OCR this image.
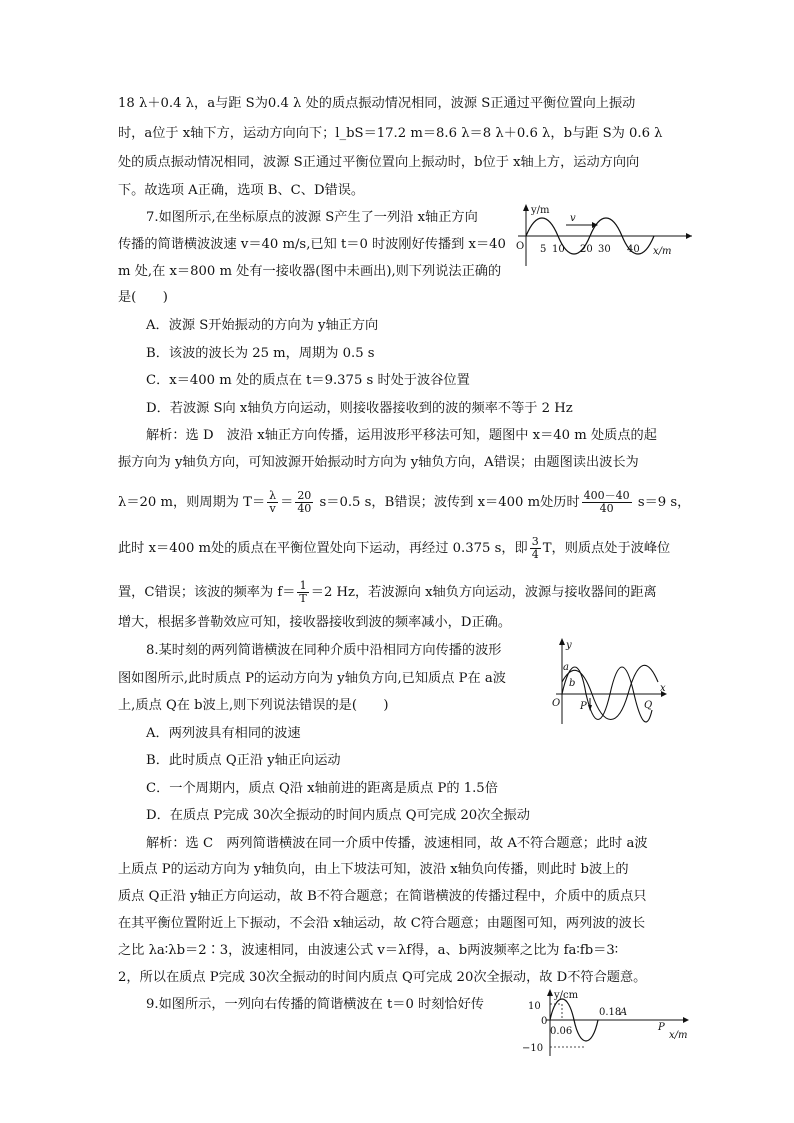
18 λ＋0.4 λ，a与距 S为0.4 λ 处的质点振动情况相同，波源 S正通过平衡位置向上振动
时，a位于 x轴下方，运动方向向下；l_bS＝17.2 m＝8.6 λ＝8 λ＋0.6 λ，b与距 S为 0.6 λ
处的质点振动情况相同，波源 S正通过平衡位置向上振动时，b位于 x轴上方，运动方向向
下。故选项 A正确，选项 B、C、D错误。
7.如图所示,在坐标原点的波源 S产生了一列沿 x轴正方向
传播的简谐横波波速 v＝40 m/s,已知 t＝0 时波刚好传播到 x＝40
m 处,在 x＝800 m 处有一接收器(图中未画出),则下列说法正确的
是(　　)
A．波源 S开始振动的方向为 y轴正方向
B．该波的波长为 25 m，周期为 0.5 s
C．x＝400 m 处的质点在 t＝9.375 s 时处于波谷位置
D．若波源 S向 x轴负方向运动，则接收器接收到的波的频率不等于 2 Hz
解析：选 D　波沿 x轴正方向传播，运用波形平移法可知，题图中 x＝40 m 处质点的起
振方向为 y轴负方向，可知波源开始振动时方向为 y轴负方向，A错误；由题图读出波长为
增大，根据多普勒效应可知，接收器接收到波的频率减小，D正确。
8.某时刻的两列简谐横波在同种介质中沿相同方向传播的波形
图如图所示,此时质点 P的运动方向为 y轴负方向,已知质点 P在 a波
上,质点 Q在 b波上,则下列说法错误的是(　　)
A．两列波具有相同的波速
B．此时质点 Q正沿 y轴正向运动
C．一个周期内，质点 Q沿 x轴前进的距离是质点 P的 1.5倍
D．在质点 P完成 30次全振动的时间内质点 Q可完成 20次全振动
解析：选 C　两列简谐横波在同一介质中传播，波速相同，故 A不符合题意；此时 a波
上质点 P的运动方向为 y轴负向，由上下坡法可知，波沿 x轴负向传播，则此时 b波上的
质点 Q正沿 y轴正方向运动，故 B不符合题意；在简谐横波的传播过程中，介质中的质点只
在其平衡位置附近上下振动，不会沿 x轴运动，故 C符合题意；由题图可知，两列波的波长
之比 λa∶λb＝2∶3，波速相同，由波速公式 v＝λf得，a、b两波频率之比为 fa∶fb＝3∶
2，所以在质点 P完成 30次全振动的时间内质点 Q可完成 20次全振动，故 D不符合题意。
9.如图所示，一列向右传播的简谐横波在 t＝0 时刻恰好传
λ＝20 m，则周期为 $T= \frac{\lambda}{v} = \frac{20}{40} s=0.5$ s，B错误；波传到 x＝400 m处历时 $\frac{400-40}{40} s=9$ s，
此时 x＝400 m处的质点在平衡位置处向下运动，再经过 0.375 s，即 $\frac{3}{4}$ T，则质点处于波峰位
置，C错误；该波的频率为 $f= \frac{1}{T} =2$ Hz，若波源向 x轴负方向运动，波源与接收器间的距离
y/m
v
O 5 10 20 30 40 x/m
y
x
O
a
b
P	Q
y/cm
10
0
−10
0.06
0.18
A
P
x/m
